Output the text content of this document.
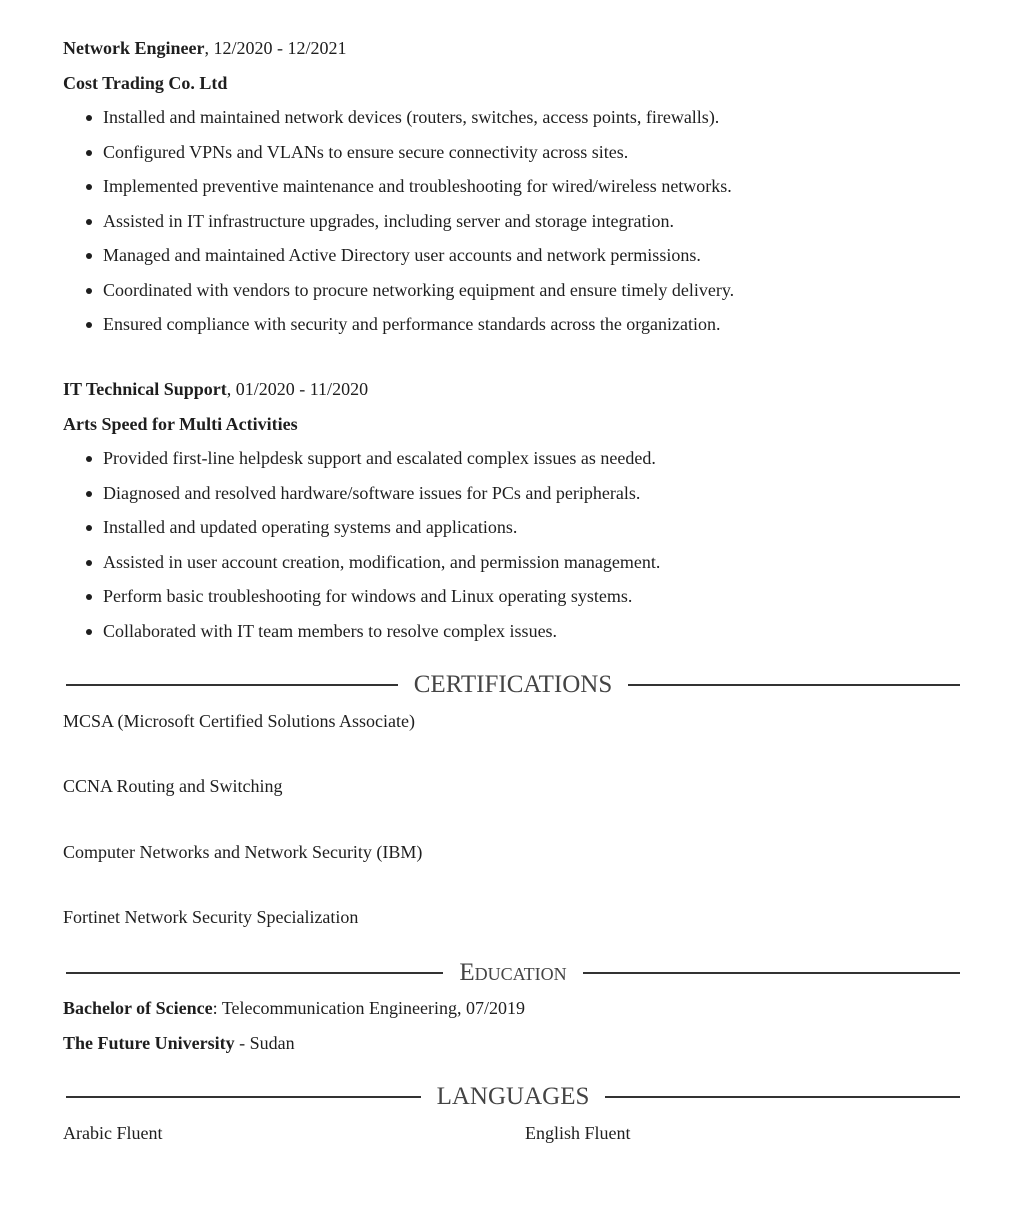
Network Engineer, 12/2020 - 12/2021
Cost Trading Co. Ltd
Installed and maintained network devices (routers, switches, access points, firewalls).
Configured VPNs and VLANs to ensure secure connectivity across sites.
Implemented preventive maintenance and troubleshooting for wired/wireless networks.
Assisted in IT infrastructure upgrades, including server and storage integration.
Managed and maintained Active Directory user accounts and network permissions.
Coordinated with vendors to procure networking equipment and ensure timely delivery.
Ensured compliance with security and performance standards across the organization.
IT Technical Support, 01/2020 - 11/2020
Arts Speed for Multi Activities
Provided first-line helpdesk support and escalated complex issues as needed.
Diagnosed and resolved hardware/software issues for PCs and peripherals.
Installed and updated operating systems and applications.
Assisted in user account creation, modification, and permission management.
Perform basic troubleshooting for windows and Linux operating systems.
Collaborated with IT team members to resolve complex issues.
CERTIFICATIONS
MCSA (Microsoft Certified Solutions Associate)
CCNA Routing and Switching
Computer Networks and Network Security (IBM)
Fortinet Network Security Specialization
Education
Bachelor of Science: Telecommunication Engineering, 07/2019
The Future University - Sudan
LANGUAGES
Arabic Fluent	English Fluent
